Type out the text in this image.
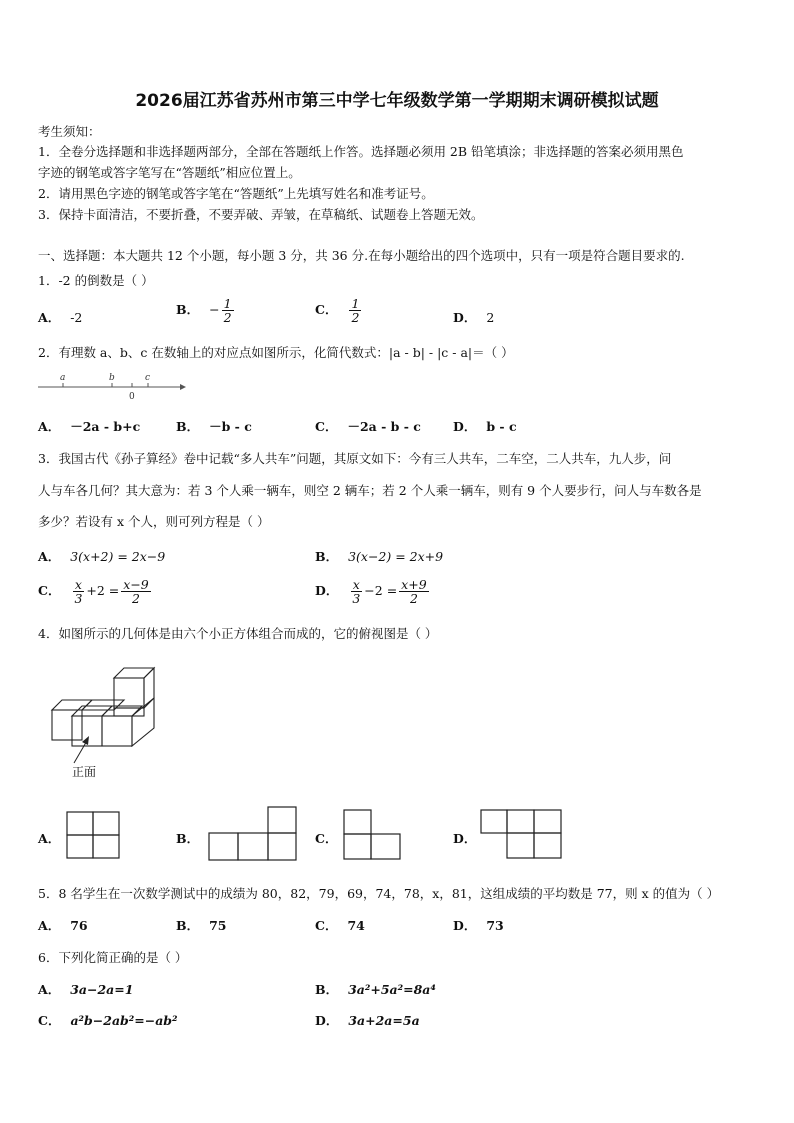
2026届江苏省苏州市第三中学七年级数学第一学期期末调研模拟试题
考生须知：
1．全卷分选择题和非选择题两部分，全部在答题纸上作答。选择题必须用 2B 铅笔填涂；非选择题的答案必须用黑色
字迹的钢笔或答字笔写在“答题纸”相应位置上。
2．请用黑色字迹的钢笔或答字笔在“答题纸”上先填写姓名和准考证号。
3．保持卡面清洁，不要折叠，不要弄破、弄皱，在草稿纸、试题卷上答题无效。
一、选择题：本大题共 12 个小题，每小题 3 分，共 36 分.在每小题给出的四个选项中，只有一项是符合题目要求的.
1．-2 的倒数是（ ）
A． -2
B． − $\frac{1}{2}$	C． $\frac{1}{2}$	D． 2
2．有理数 a、b、c 在数轴上的对应点如图所示，化简代数式：|a - b| - |c - a|＝（ ）
a	b	c
0
A． －2a - b+c	B． －b - c	C． －2a - b - c	D． b - c
3．我国古代《孙子算经》卷中记载“多人共车”问题，其原文如下：今有三人共车，二车空，二人共车，九人步，问
人与车各几何？其大意为：若 3 个人乘一辆车，则空 2 辆车；若 2 个人乘一辆车，则有 9 个人要步行，问人与车数各是
多少？若设有 x 个人，则可列方程是（ ）
A． 3(x+2) = 2x−9	B． 3(x−2) = 2x+9
C． $\frac{x}{3} +2 = \frac{x-9}{2}$	D． $\frac{x}{3} -2 = \frac{x+9}{2}$
4．如图所示的几何体是由六个小正方体组合而成的，它的俯视图是（ ）
正面
A．	B．	C．	D．
5．8 名学生在一次数学测试中的成绩为 80，82，79，69，74，78，x，81，这组成绩的平均数是 77，则 x 的值为（ ）
A． 76	B． 75	C． 74	D． 73
6．下列化简正确的是（ ）
A． 3a−2a=1	B． 3a²+5a²=8a⁴
C． a²b−2ab²=−ab²	D． 3a+2a=5a
